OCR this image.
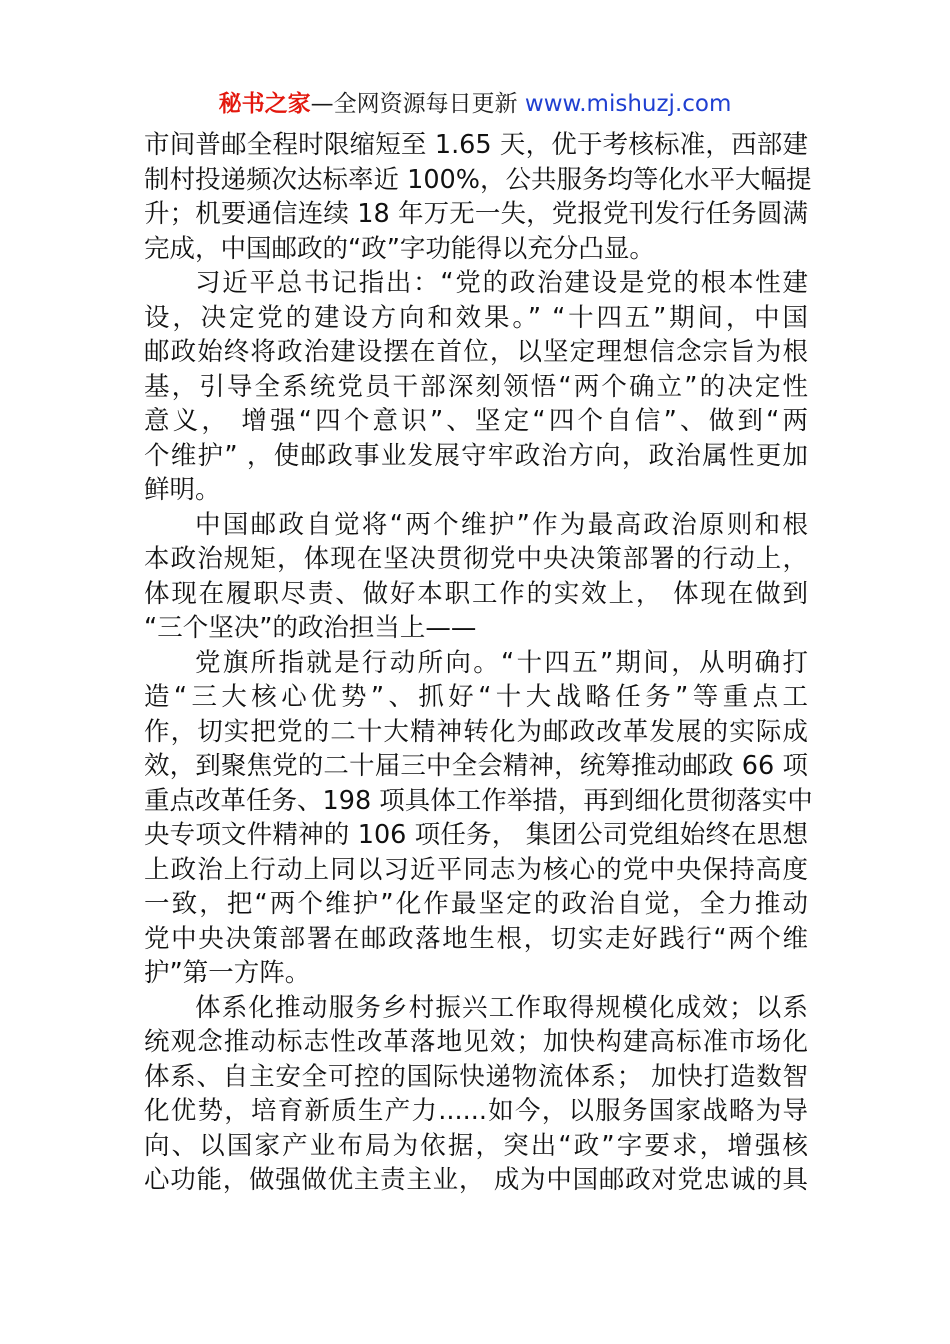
秘书之家—全网资源每日更新 www.mishuzj.com
市间普邮全程时限缩短至 1.65 天，优于考核标准，西部建
制村投递频次达标率近 100%，公共服务均等化水平大幅提
升；机要通信连续 18 年万无一失，党报党刊发行任务圆满
完成，中国邮政的“政”字功能得以充分凸显。
习近平总书记指出：“党的政治建设是党的根本性建
设，决定党的建设方向和效果。” “十四五”期间，中国
邮政始终将政治建设摆在首位，以坚定理想信念宗旨为根
基，引导全系统党员干部深刻领悟“两个确立”的决定性
意义， 增强“四个意识”、坚定“四个自信”、做到“两
个维护” ，使邮政事业发展守牢政治方向，政治属性更加
鲜明。
中国邮政自觉将“两个维护”作为最高政治原则和根
本政治规矩，体现在坚决贯彻党中央决策部署的行动上，
体现在履职尽责、做好本职工作的实效上， 体现在做到
“三个坚决”的政治担当上——
党旗所指就是行动所向。“十四五”期间，从明确打
造“三大核心优势”、抓好“十大战略任务”等重点工
作，切实把党的二十大精神转化为邮政改革发展的实际成
效，到聚焦党的二十届三中全会精神，统筹推动邮政 66 项
重点改革任务、198 项具体工作举措，再到细化贯彻落实中
央专项文件精神的 106 项任务， 集团公司党组始终在思想
上政治上行动上同以习近平同志为核心的党中央保持高度
一致，把“两个维护”化作最坚定的政治自觉，全力推动
党中央决策部署在邮政落地生根，切实走好践行“两个维
护”第一方阵。
体系化推动服务乡村振兴工作取得规模化成效；以系
统观念推动标志性改革落地见效；加快构建高标准市场化
体系、自主安全可控的国际快递物流体系； 加快打造数智
化优势，培育新质生产力......如今，以服务国家战略为导
向、以国家产业布局为依据，突出“政”字要求，增强核
心功能，做强做优主责主业， 成为中国邮政对党忠诚的具
